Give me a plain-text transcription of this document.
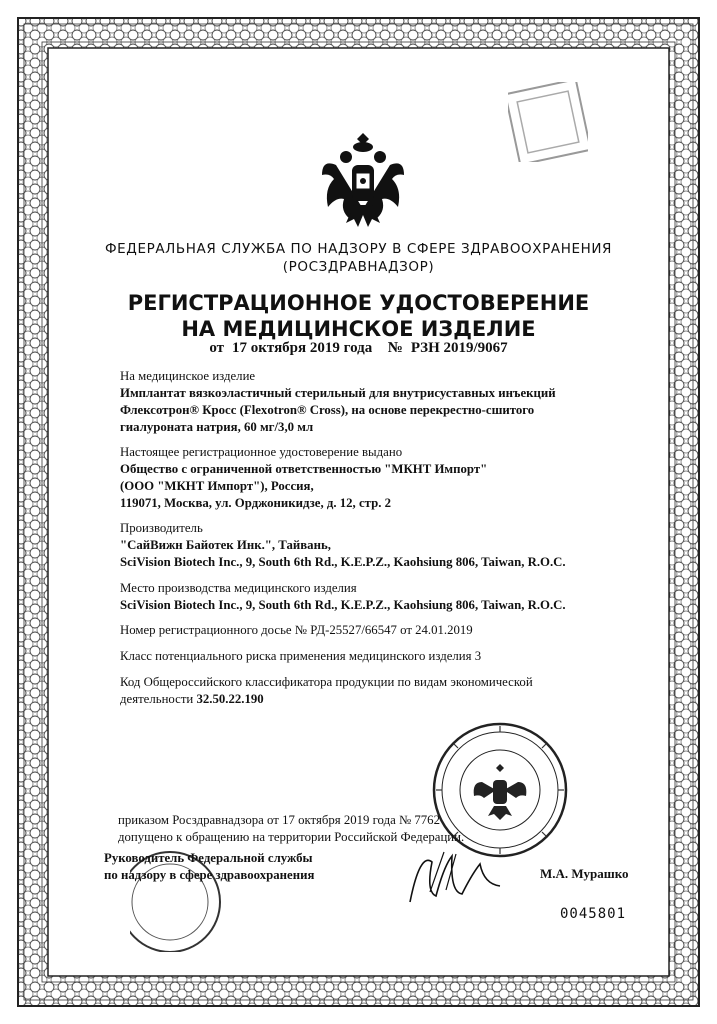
ФЕДЕРАЛЬНАЯ СЛУЖБА ПО НАДЗОРУ В СФЕРЕ ЗДРАВООХРАНЕНИЯ
(РОСЗДРАВНАДЗОР)
РЕГИСТРАЦИОННОЕ УДОСТОВЕРЕНИЕ
НА МЕДИЦИНСКОЕ ИЗДЕЛИЕ
от 17 октября 2019 года № РЗН 2019/9067
На медицинское изделие
Имплантат вязкоэластичный стерильный для внутрисуставных инъекций
Флексотрон® Кросс (Flexotron® Cross), на основе перекрестно-сшитого
гиалуроната натрия, 60 мг/3,0 мл
Настоящее регистрационное удостоверение выдано
Общество с ограниченной ответственностью "МКНТ Импорт"
(ООО "МКНТ Импорт"), Россия,
119071, Москва, ул. Орджоникидзе, д. 12, стр. 2
Производитель
"СайВижн Байотек Инк.", Тайвань,
SciVision Biotech Inc., 9, South 6th Rd., K.E.P.Z., Kaohsiung 806, Taiwan, R.O.C.
Место производства медицинского изделия
SciVision Biotech Inc., 9, South 6th Rd., K.E.P.Z., Kaohsiung 806, Taiwan, R.O.C.
Номер регистрационного досье № РД-25527/66547 от 24.01.2019
Класс потенциального риска применения медицинского изделия 3
Код Общероссийского классификатора продукции по видам экономической
деятельности 32.50.22.190
приказом Росздравнадзора от 17 октября 2019 года № 7762
допущено к обращению на территории Российской Федерации.
Руководитель Федеральной службы
по надзору в сфере здравоохранения	М.А. Мурашко
0045801
